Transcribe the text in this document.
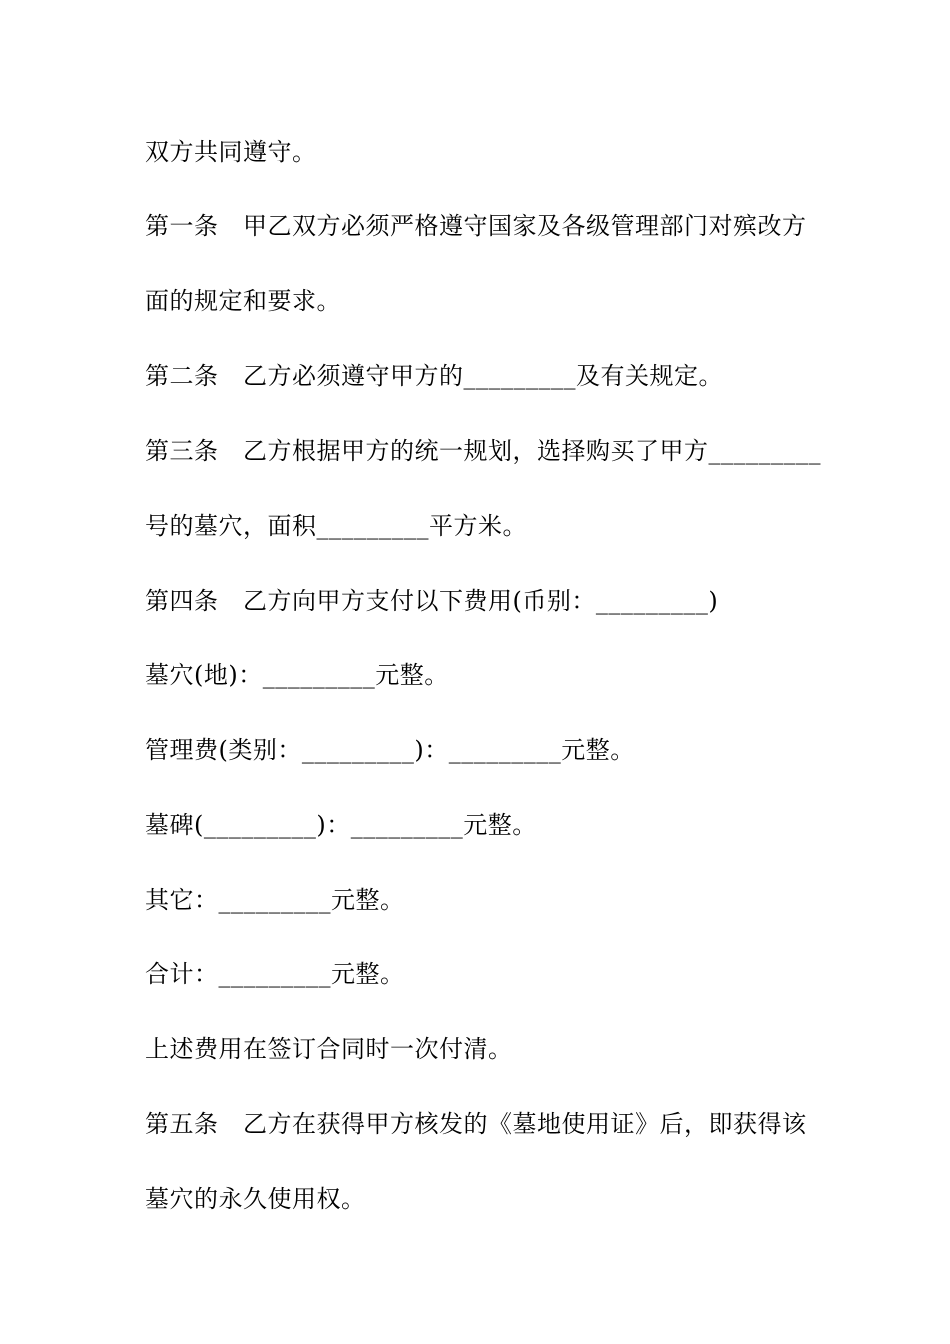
双方共同遵守。
第一条　甲乙双方必须严格遵守国家及各级管理部门对殡改方
面的规定和要求。
第二条　乙方必须遵守甲方的_________及有关规定。
第三条　乙方根据甲方的统一规划，选择购买了甲方_________
号的墓穴，面积_________平方米。
第四条　乙方向甲方支付以下费用(币别：_________)
墓穴(地)：_________元整。
管理费(类别：_________)：_________元整。
墓碑(_________)：_________元整。
其它：_________元整。
合计：_________元整。
上述费用在签订合同时一次付清。
第五条　乙方在获得甲方核发的《墓地使用证》后，即获得该
墓穴的永久使用权。
